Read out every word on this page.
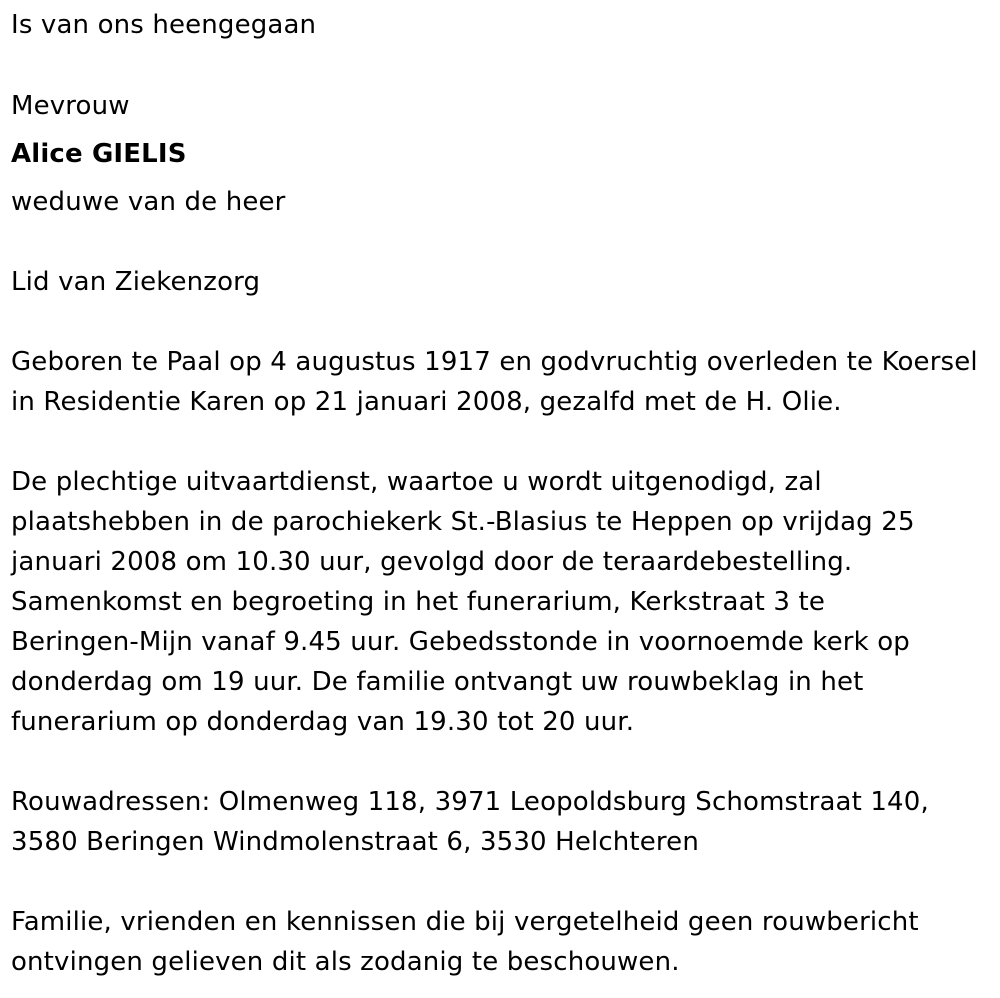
Is van ons heengegaan
Mevrouw
Alice GIELIS
weduwe van de heer
Lid van Ziekenzorg
Geboren te Paal op 4 augustus 1917 en godvruchtig overleden te Koersel
in Residentie Karen op 21 januari 2008, gezalfd met de H. Olie.
De plechtige uitvaartdienst, waartoe u wordt uitgenodigd, zal
plaatshebben in de parochiekerk St.-Blasius te Heppen op vrijdag 25
januari 2008 om 10.30 uur, gevolgd door de teraardebestelling.
Samenkomst en begroeting in het funerarium, Kerkstraat 3 te
Beringen-Mijn vanaf 9.45 uur. Gebedsstonde in voornoemde kerk op
donderdag om 19 uur. De familie ontvangt uw rouwbeklag in het
funerarium op donderdag van 19.30 tot 20 uur.
Rouwadressen: Olmenweg 118, 3971 Leopoldsburg Schomstraat 140,
3580 Beringen Windmolenstraat 6, 3530 Helchteren
Familie, vrienden en kennissen die bij vergetelheid geen rouwbericht
ontvingen gelieven dit als zodanig te beschouwen.
